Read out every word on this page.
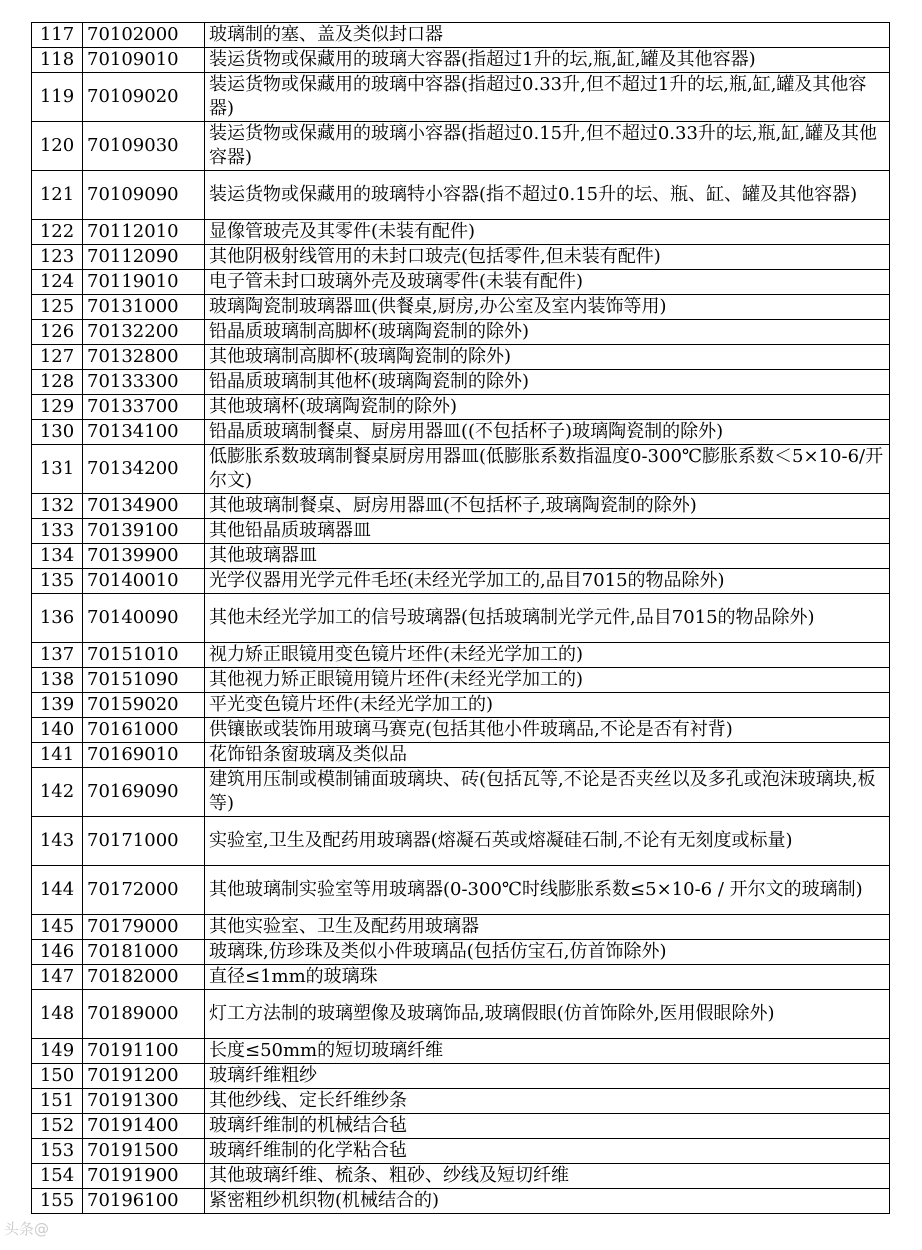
117	70102000	玻璃制的塞、盖及类似封口器
118	70109010	装运货物或保藏用的玻璃大容器(指超过1升的坛,瓶,缸,罐及其他容器)
119	70109020	装运货物或保藏用的玻璃中容器(指超过0.33升,但不超过1升的坛,瓶,缸,罐及其他容器)
120	70109030	装运货物或保藏用的玻璃小容器(指超过0.15升,但不超过0.33升的坛,瓶,缸,罐及其他容器)
121	70109090	装运货物或保藏用的玻璃特小容器(指不超过0.15升的坛、瓶、缸、罐及其他容器)
122	70112010	显像管玻壳及其零件(未装有配件)
123	70112090	其他阴极射线管用的未封口玻壳(包括零件,但未装有配件)
124	70119010	电子管未封口玻璃外壳及玻璃零件(未装有配件)
125	70131000	玻璃陶瓷制玻璃器皿(供餐桌,厨房,办公室及室内装饰等用)
126	70132200	铅晶质玻璃制高脚杯(玻璃陶瓷制的除外)
127	70132800	其他玻璃制高脚杯(玻璃陶瓷制的除外)
128	70133300	铅晶质玻璃制其他杯(玻璃陶瓷制的除外)
129	70133700	其他玻璃杯(玻璃陶瓷制的除外)
130	70134100	铅晶质玻璃制餐桌、厨房用器皿((不包括杯子)玻璃陶瓷制的除外)
131	70134200	低膨胀系数玻璃制餐桌厨房用器皿(低膨胀系数指温度0-300℃膨胀系数＜5×10-6/开尔文)
132	70134900	其他玻璃制餐桌、厨房用器皿(不包括杯子,玻璃陶瓷制的除外)
133	70139100	其他铅晶质玻璃器皿
134	70139900	其他玻璃器皿
135	70140010	光学仪器用光学元件毛坯(未经光学加工的,品目7015的物品除外)
136	70140090	其他未经光学加工的信号玻璃器(包括玻璃制光学元件,品目7015的物品除外)
137	70151010	视力矫正眼镜用变色镜片坯件(未经光学加工的)
138	70151090	其他视力矫正眼镜用镜片坯件(未经光学加工的)
139	70159020	平光变色镜片坯件(未经光学加工的)
140	70161000	供镶嵌或装饰用玻璃马赛克(包括其他小件玻璃品,不论是否有衬背)
141	70169010	花饰铅条窗玻璃及类似品
142	70169090	建筑用压制或模制铺面玻璃块、砖(包括瓦等,不论是否夹丝以及多孔或泡沫玻璃块,板等)
143	70171000	实验室,卫生及配药用玻璃器(熔凝石英或熔凝硅石制,不论有无刻度或标量)
144	70172000	其他玻璃制实验室等用玻璃器(0-300℃时线膨胀系数≤5×10-6 / 开尔文的玻璃制)
145	70179000	其他实验室、卫生及配药用玻璃器
146	70181000	玻璃珠,仿珍珠及类似小件玻璃品(包括仿宝石,仿首饰除外)
147	70182000	直径≤1mm的玻璃珠
148	70189000	灯工方法制的玻璃塑像及玻璃饰品,玻璃假眼(仿首饰除外,医用假眼除外)
149	70191100	长度≤50mm的短切玻璃纤维
150	70191200	玻璃纤维粗纱
151	70191300	其他纱线、定长纤维纱条
152	70191400	玻璃纤维制的机械结合毡
153	70191500	玻璃纤维制的化学粘合毡
154	70191900	其他玻璃纤维、梳条、粗砂、纱线及短切纤维
155	70196100	紧密粗纱机织物(机械结合的)
头条@
